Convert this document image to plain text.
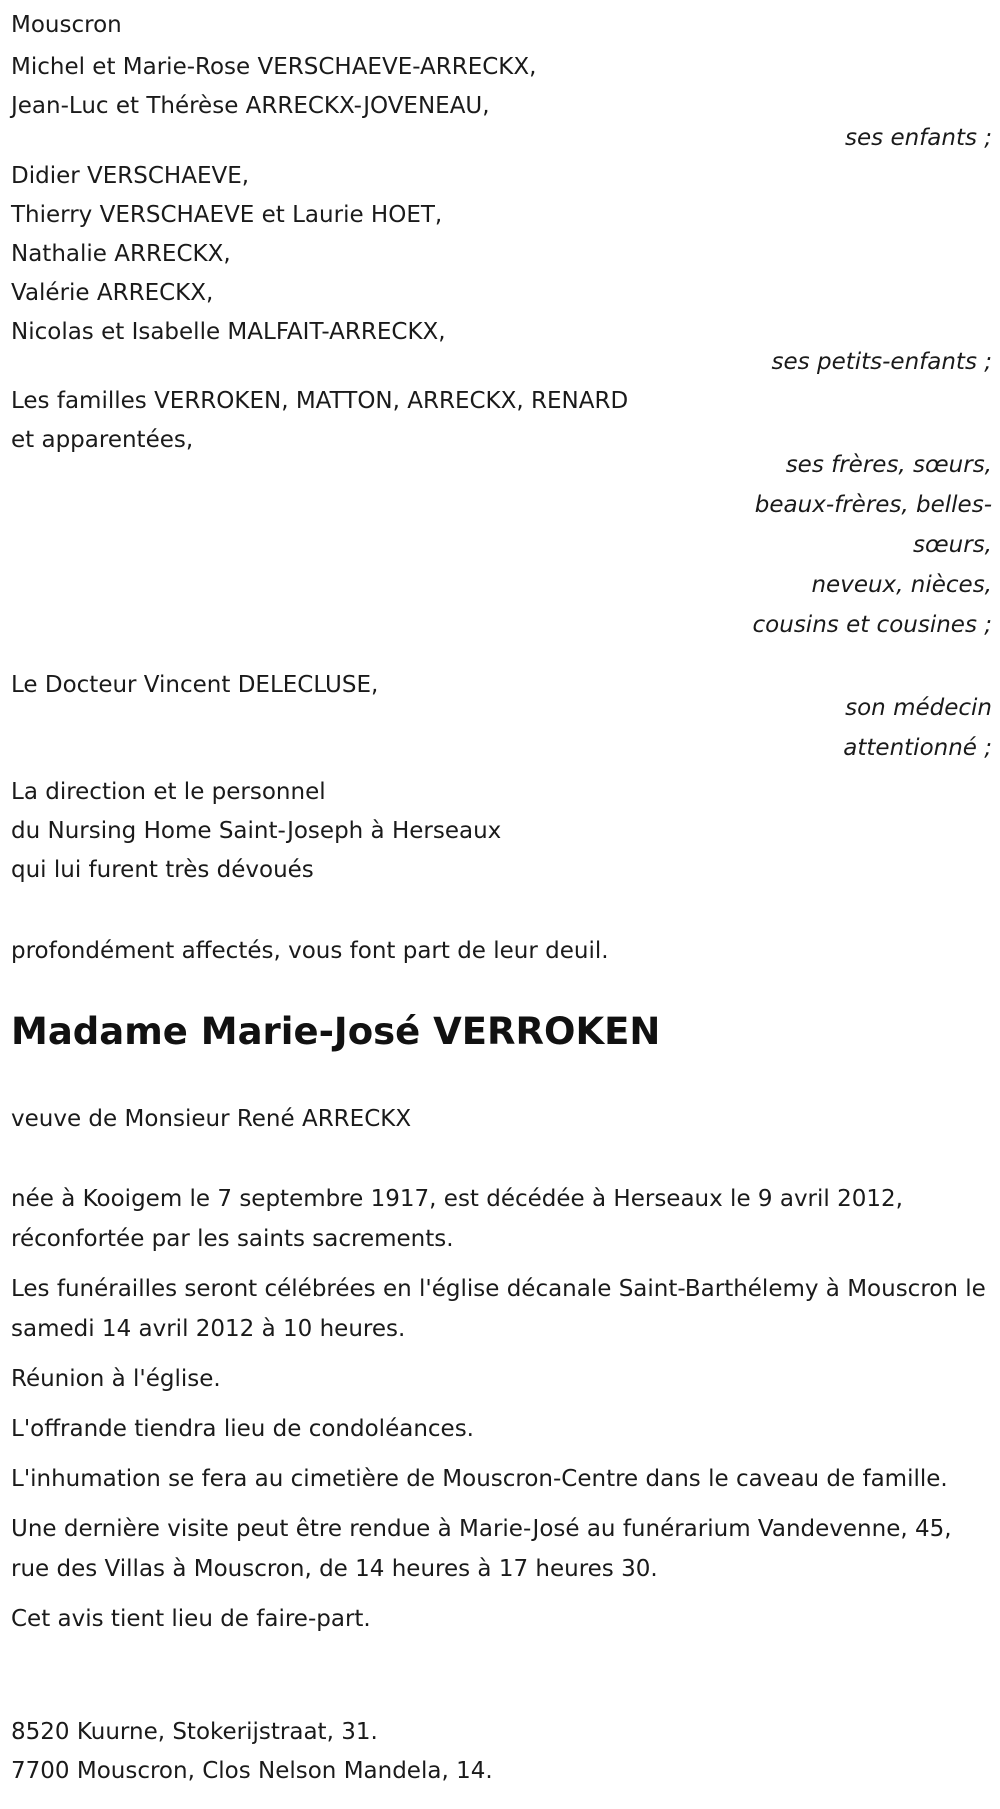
Mouscron
Michel et Marie-Rose VERSCHAEVE-ARRECKX,
Jean-Luc et Thérèse ARRECKX-JOVENEAU,
ses enfants ;
Didier VERSCHAEVE,
Thierry VERSCHAEVE et Laurie HOET,
Nathalie ARRECKX,
Valérie ARRECKX,
Nicolas et Isabelle MALFAIT-ARRECKX,
ses petits-enfants ;
Les familles VERROKEN, MATTON, ARRECKX, RENARD
et apparentées,
ses frères, sœurs,
beaux-frères, belles-sœurs,
neveux, nièces,
cousins et cousines ;
Le Docteur Vincent DELECLUSE,
son médecin attentionné ;
La direction et le personnel
du Nursing Home Saint-Joseph à Herseaux
qui lui furent très dévoués
profondément affectés, vous font part de leur deuil.
Madame Marie-José VERROKEN
veuve de Monsieur René ARRECKX
née à Kooigem le 7 septembre 1917, est décédée à Herseaux le 9 avril 2012, réconfortée par les saints sacrements.
Les funérailles seront célébrées en l'église décanale Saint-Barthélemy à Mouscron le samedi 14 avril 2012 à 10 heures.
Réunion à l'église.
L'offrande tiendra lieu de condoléances.
L'inhumation se fera au cimetière de Mouscron-Centre dans le caveau de famille.
Une dernière visite peut être rendue à Marie-José au funérarium Vandevenne, 45, rue des Villas à Mouscron, de 14 heures à 17 heures 30.
Cet avis tient lieu de faire-part.
8520 Kuurne, Stokerijstraat, 31.
7700 Mouscron, Clos Nelson Mandela, 14.
